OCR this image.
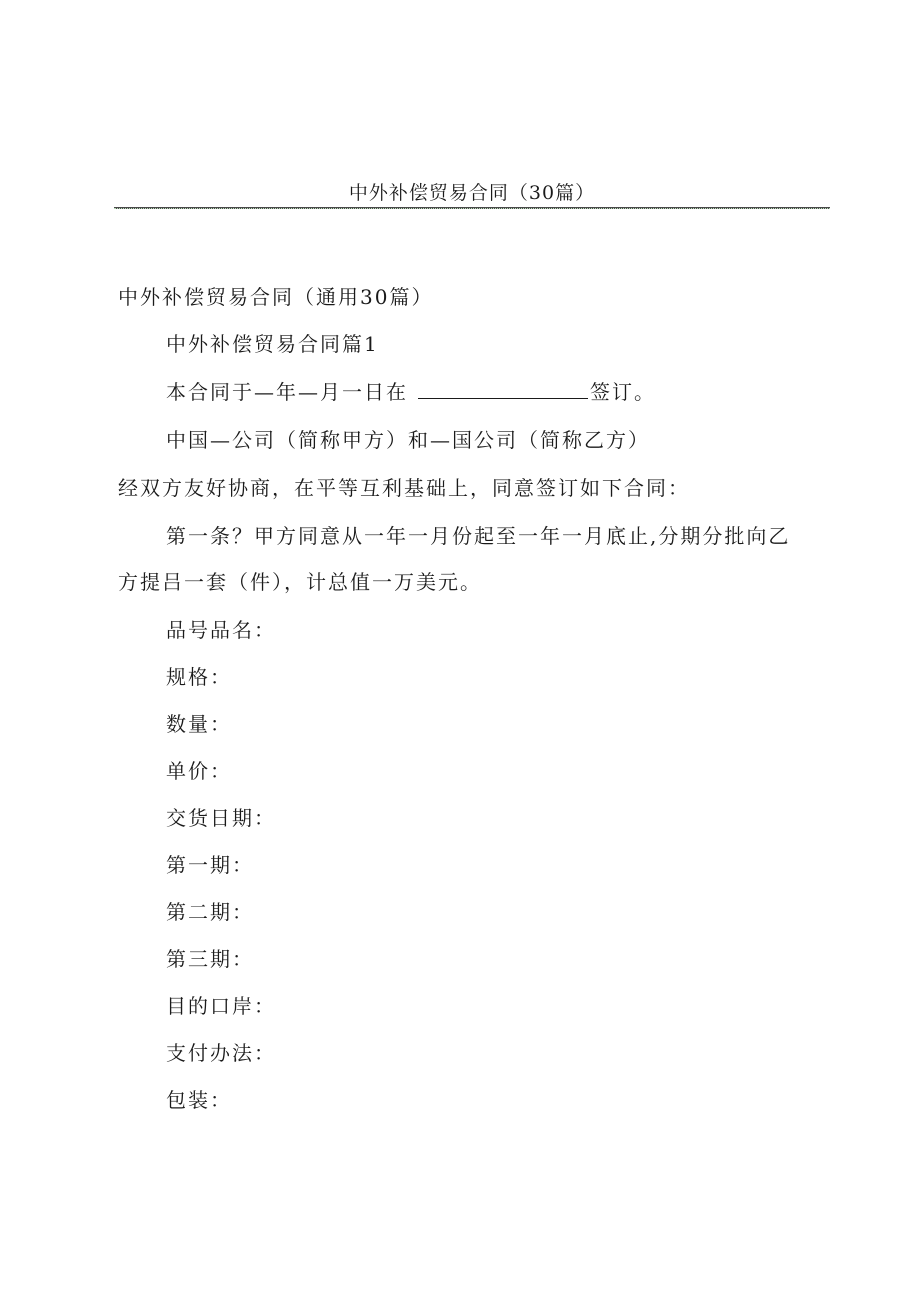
中外补偿贸易合同（30篇）
中外补偿贸易合同（通用30篇）
中外补偿贸易合同篇1
本合同于—年—月一日在	签订。
中国—公司（简称甲方）和—国公司（简称乙方）
经双方友好协商，在平等互利基础上，同意签订如下合同：
第一条？甲方同意从一年一月份起至一年一月底止,分期分批向乙
方提吕一套（件），计总值一万美元。
品号品名：
规格：
数量：
单价：
交货日期：
第一期：
第二期：
第三期：
目的口岸：
支付办法：
包装：
